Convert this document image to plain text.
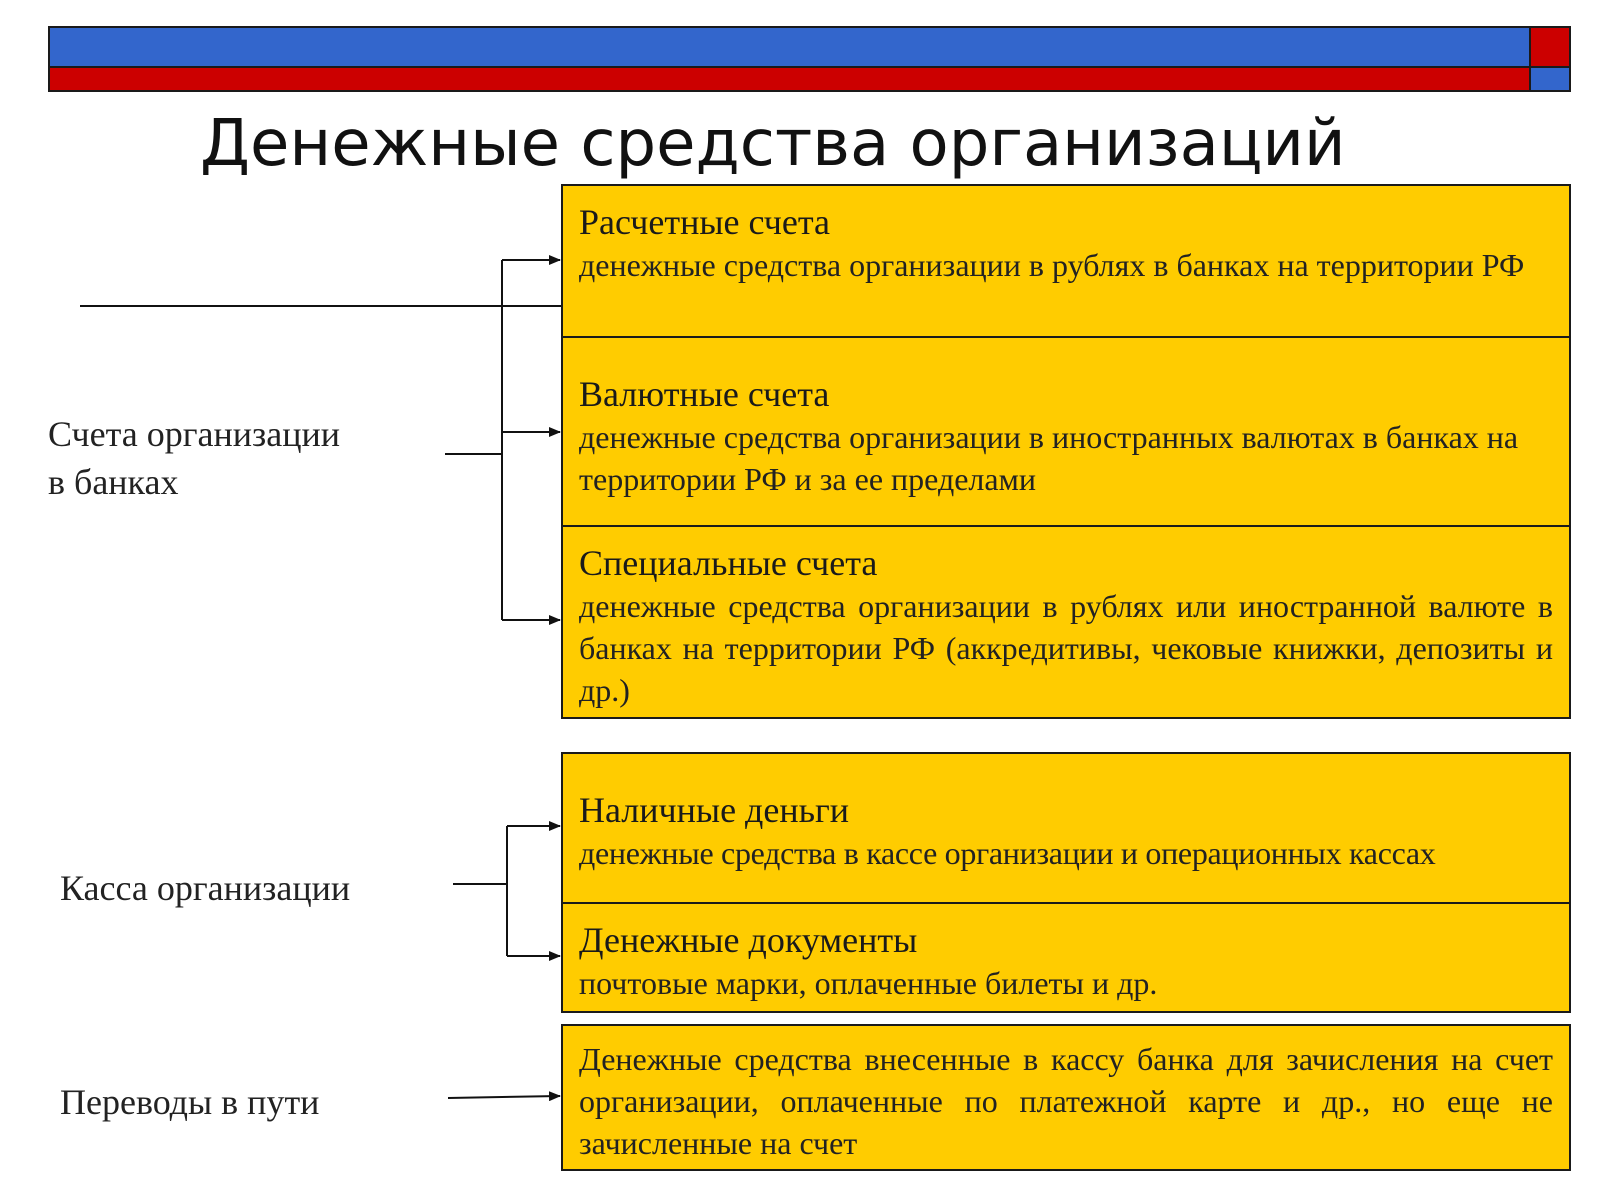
Денежные средства организаций
Счета организации
в банках
Касса организации
Переводы в пути
Расчетные счета
денежные средства организации в рублях в банках на территории РФ
Валютные счета
денежные средства организации в иностранных валютах в банках на территории РФ и за ее пределами
Специальные счета
денежные средства организации в рублях или иностранной валюте в банках на территории РФ (аккредитивы, чековые книжки, депозиты и др.)
Наличные деньги
денежные средства в кассе организации и операционных кассах
Денежные документы
почтовые марки, оплаченные билеты и др.
Денежные средства внесенные в кассу банка для зачисления на счет организации, оплаченные по платежной карте и др., но еще не зачисленные на счет
